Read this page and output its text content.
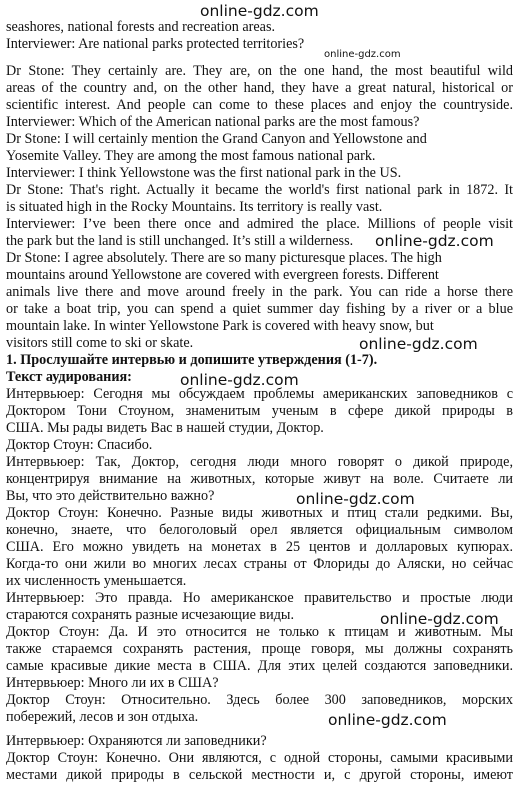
online-gdz.com
seashores, national forests and recreation areas.
Interviewer: Are national parks protected territories?
online-gdz.com
Dr Stone: They certainly are. They are, on the one hand, the most beautiful wild
areas of the country and, on the other hand, they have a great natural, historical or
scientific interest. And people can come to these places and enjoy the countryside.
Interviewer: Which of the American national parks are the most famous?
Dr Stone: I will certainly mention the Grand Canyon and Yellowstone and
Yosemite Valley. They are among the most famous national park.
Interviewer: I think Yellowstone was the first national park in the US.
Dr Stone: That's right. Actually it became the world's first national park in 1872. It
is situated high in the Rocky Mountains. Its territory is really vast.
Interviewer: I’ve been there once and admired the place. Millions of people visit
the park but the land is still unchanged. It’s still a wilderness.	online-gdz.com
Dr Stone: I agree absolutely. There are so many picturesque places. The high
mountains around Yellowstone are covered with evergreen forests. Different
animals live there and move around freely in the park. You can ride a horse there
or take a boat trip, you can spend a quiet summer day fishing by a river or a blue
mountain lake. In winter Yellowstone Park is covered with heavy snow, but
visitors still come to ski or skate.	online-gdz.com
1. Прослушайте интервью и допишите утверждения (1-7).
Текст аудирования:	online-gdz.com
Интервьюер: Сегодня мы обсуждаем проблемы американских заповедников с
Доктором Тони Стоуном, знаменитым ученым в сфере дикой природы в
США. Мы рады видеть Вас в нашей студии, Доктор.
Доктор Стоун: Спасибо.
Интервьюер: Так, Доктор, сегодня люди много говорят о дикой природе,
концентрируя внимание на животных, которые живут на воле. Считаете ли
Вы, что это действительно важно?	online-gdz.com
Доктор Стоун: Конечно. Разные виды животных и птиц стали редкими. Вы,
конечно, знаете, что белоголовый орел является официальным символом
США. Его можно увидеть на монетах в 25 центов и долларовых купюрах.
Когда-то они жили во многих лесах страны от Флориды до Аляски, но сейчас
их численность уменьшается.
Интервьюер: Это правда. Но американское правительство и простые люди
стараются сохранять разные исчезающие виды.	online-gdz.com
Доктор Стоун: Да. И это относится не только к птицам и животным. Мы
также стараемся сохранять растения, проще говоря, мы должны сохранять
самые красивые дикие места в США. Для этих целей создаются заповедники.
Интервьюер: Много ли их в США?
Доктор Стоун: Относительно. Здесь более 300 заповедников, морских
побережий, лесов и зон отдыха.	online-gdz.com
Интервьюер: Охраняются ли заповедники?
Доктор Стоун: Конечно. Они являются, с одной стороны, самыми красивыми
местами дикой природы в сельской местности и, с другой стороны, имеют
